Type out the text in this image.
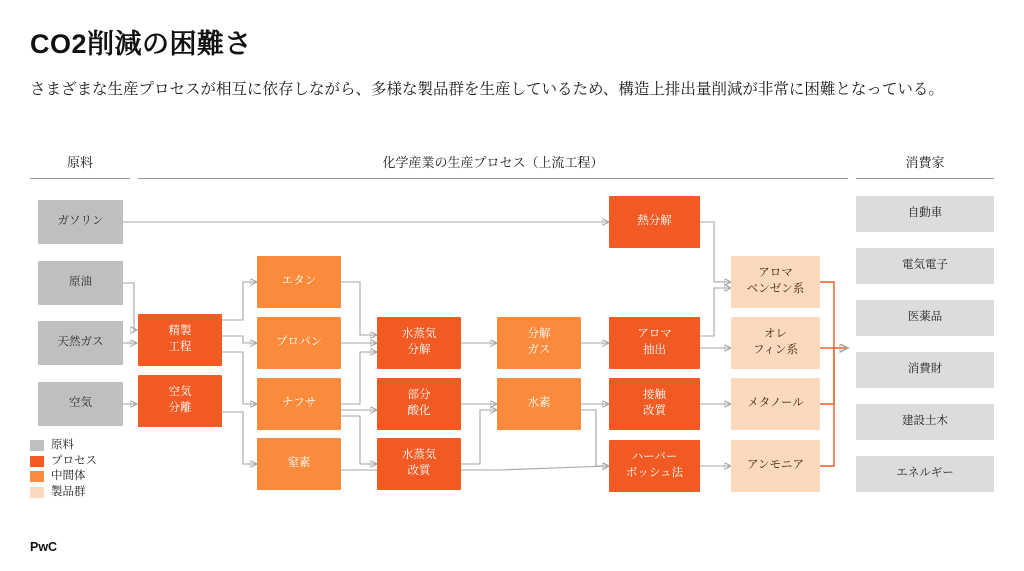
CO2削減の困難さ
さまざまな生産プロセスが相互に依存しながら、多様な製品群を生産しているため、構造上排出量削減が非常に困難となっている。
原料	化学産業の生産プロセス（上流工程）	消費家
ガソリン
原油
天然ガス
空気
精製
工程
空気
分離
エタン
プロパン
ナフサ
窒素
水蒸気
分解
部分
酸化
水蒸気
改質
分解
ガス
水素
熱分解
アロマ
抽出
接触
改質
ハーバー
ボッシュ法
アロマ
ベンゼン系
オレ
フィン系
メタノール
アンモニア
自動車
電気電子
医薬品
消費財
建設土木
エネルギー
原料
プロセス
中間体
製品群
PwC
